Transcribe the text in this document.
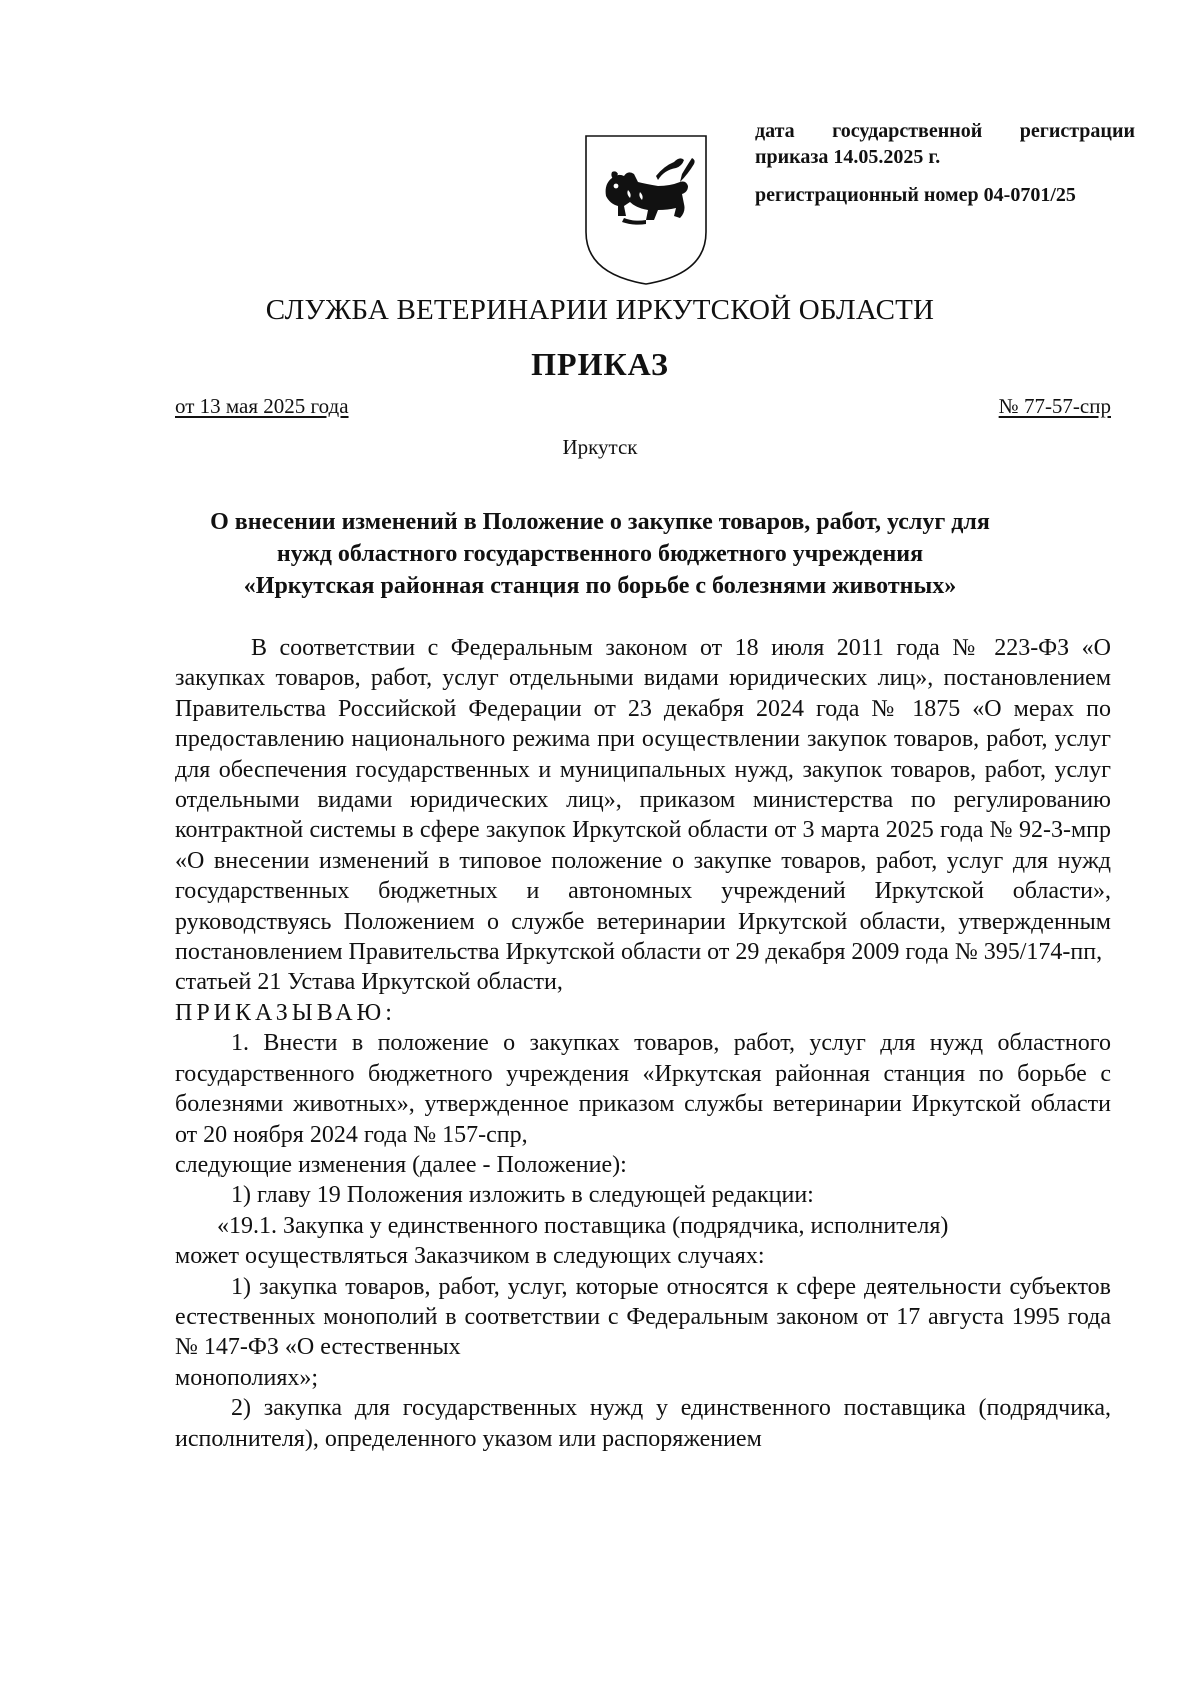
дата государственной регистрации
приказа 14.05.2025 г.
регистрационный номер 04-0701/25
СЛУЖБА ВЕТЕРИНАРИИ ИРКУТСКОЙ ОБЛАСТИ
ПРИКАЗ
от 13 мая 2025 года	№ 77-57-спр
Иркутск
О внесении изменений в Положение о закупке товаров, работ, услуг для
нужд областного государственного бюджетного учреждения
«Иркутская районная станция по борьбе с болезнями животных»

В соответствии с Федеральным законом от 18 июля 2011 года № 223-ФЗ «О закупках товаров, работ, услуг отдельными видами юридических лиц», постановлением Правительства Российской Федерации от 23 декабря 2024 года № 1875 «О мерах по предоставлению национального режима при осуществлении закупок товаров, работ, услуг для обеспечения государственных и муниципальных нужд, закупок товаров, работ, услуг отдельными видами юридических лиц», приказом министерства по регулированию контрактной системы в сфере закупок Иркутской области от 3 марта 2025 года № 92-3-мпр «О внесении изменений в типовое положение о закупке товаров, работ, услуг для нужд государственных бюджетных и автономных учреждений Иркутской области», руководствуясь Положением о службе ветеринарии Иркутской области, утвержденным постановлением Правительства Иркутской области от 29 декабря 2009 года № 395/174-пп,

статьей 21 Устава Иркутской области,

ПРИКАЗЫВАЮ:

1. Внести в положение о закупках товаров, работ, услуг для нужд областного государственного бюджетного учреждения «Иркутская районная станция по борьбе с болезнями животных», утвержденное приказом службы ветеринарии Иркутской области от 20 ноября 2024 года № 157-спр,

следующие изменения (далее - Положение):

1) главу 19 Положения изложить в следующей редакции:

«19.1. Закупка у единственного поставщика (подрядчика, исполнителя)

может осуществляться Заказчиком в следующих случаях:

1) закупка товаров, работ, услуг, которые относятся к сфере деятельности субъектов естественных монополий в соответствии с Федеральным законом от 17 августа 1995 года № 147-ФЗ «О естественных

монополиях»;

2) закупка для государственных нужд у единственного поставщика (подрядчика, исполнителя), определенного указом или распоряжением
